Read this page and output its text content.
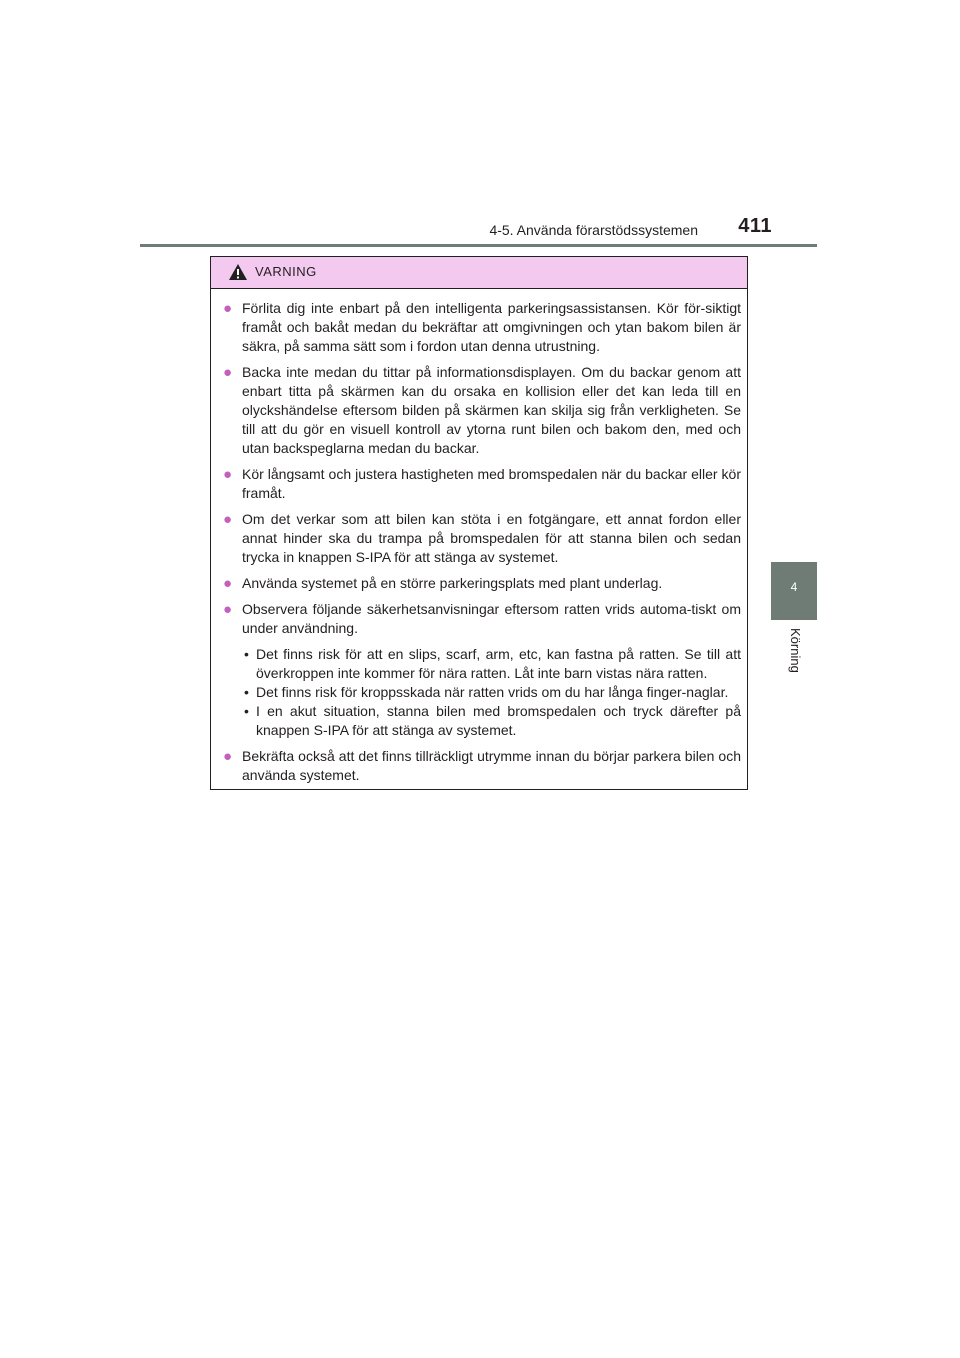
4-5. Använda förarstödssystemen 411
4
Körning
VARNING
● Förlita dig inte enbart på den intelligenta parkeringsassistansen. Kör för-siktigt framåt och bakåt medan du bekräftar att omgivningen och ytan bakom bilen är säkra, på samma sätt som i fordon utan denna utrustning.
● Backa inte medan du tittar på informationsdisplayen. Om du backar genom att enbart titta på skärmen kan du orsaka en kollision eller det kan leda till en olyckshändelse eftersom bilden på skärmen kan skilja sig från verkligheten. Se till att du gör en visuell kontroll av ytorna runt bilen och bakom den, med och utan backspeglarna medan du backar.
● Kör långsamt och justera hastigheten med bromspedalen när du backar eller kör framåt.
● Om det verkar som att bilen kan stöta i en fotgängare, ett annat fordon eller annat hinder ska du trampa på bromspedalen för att stanna bilen och sedan trycka in knappen S-IPA för att stänga av systemet.
● Använda systemet på en större parkeringsplats med plant underlag.
● Observera följande säkerhetsanvisningar eftersom ratten vrids automa-tiskt om under användning.
• Det finns risk för att en slips, scarf, arm, etc, kan fastna på ratten. Se till att överkroppen inte kommer för nära ratten. Låt inte barn vistas nära ratten.
• Det finns risk för kroppsskada när ratten vrids om du har långa finger-naglar.
• I en akut situation, stanna bilen med bromspedalen och tryck därefter på knappen S-IPA för att stänga av systemet.
● Bekräfta också att det finns tillräckligt utrymme innan du börjar parkera bilen och använda systemet.
